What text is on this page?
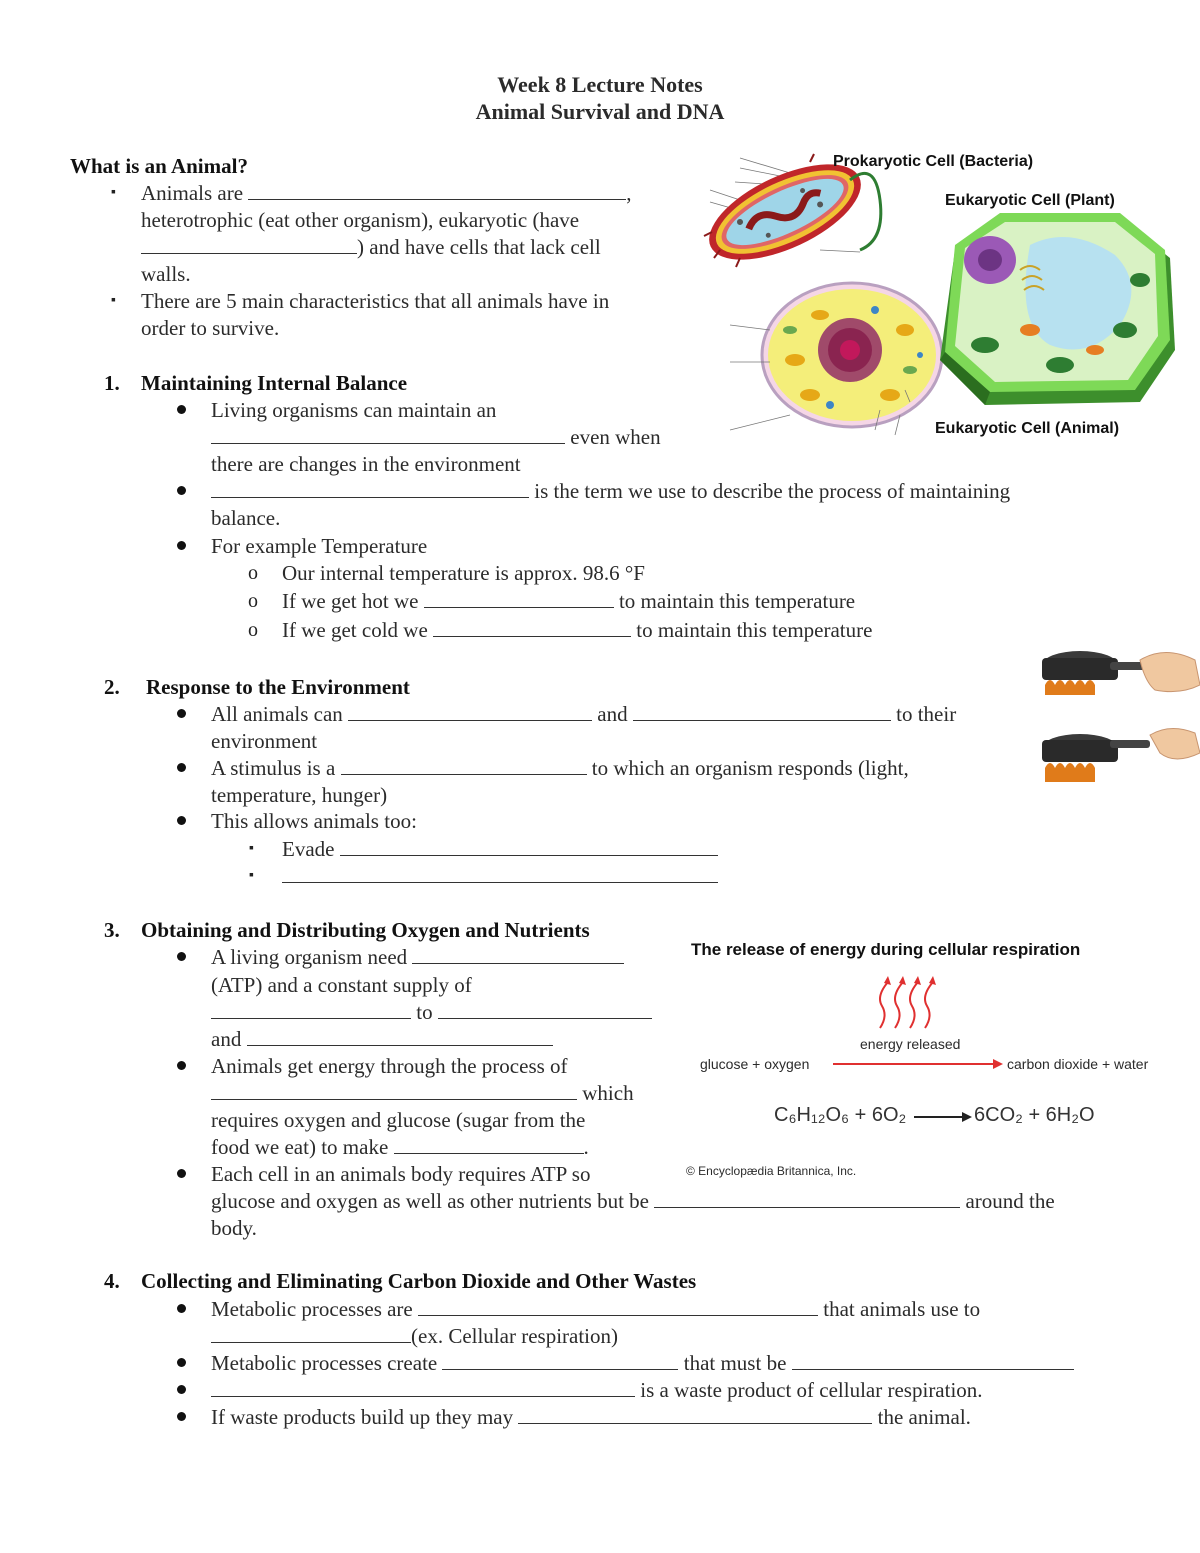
Week 8 Lecture Notes
Animal Survival and DNA
What is an Animal?
▪ Animals are	,
heterotrophic (eat other organism), eukaryotic (have
) and have cells that lack cell
walls.
▪ There are 5 main characteristics that all animals have in
order to survive.
1. Maintaining Internal Balance
Living organisms can maintain an
even when
there are changes in the environment
is the term we use to describe the process of maintaining
balance.
For example Temperature
o Our internal temperature is approx. 98.6 °F
o If we get hot we	to maintain this temperature
o If we get cold we	to maintain this temperature
2. Response to the Environment
All animals can	and	to their
environment
A stimulus is a	to which an organism responds (light,
temperature, hunger)
This allows animals too:
▪ Evade
▪
3. Obtaining and Distributing Oxygen and Nutrients
A living organism need
(ATP) and a constant supply of
to
and
Animals get energy through the process of
which
requires oxygen and glucose (sugar from the
food we eat) to make	.
Each cell in an animals body requires ATP so
glucose and oxygen as well as other nutrients but be	around the
body.
4. Collecting and Eliminating Carbon Dioxide and Other Wastes
Metabolic processes are	that animals use to
(ex. Cellular respiration)
Metabolic processes create	that must be
is a waste product of cellular respiration.
If waste products build up they may	the animal.
Prokaryotic Cell (Bacteria)
Eukaryotic Cell (Plant)
Eukaryotic Cell (Animal)
The release of energy during cellular respiration
energy released
glucose + oxygen	carbon dioxide + water
C₆H₁₂O₆ + 6O₂	6CO₂ + 6H₂O
© Encyclopædia Britannica, Inc.
